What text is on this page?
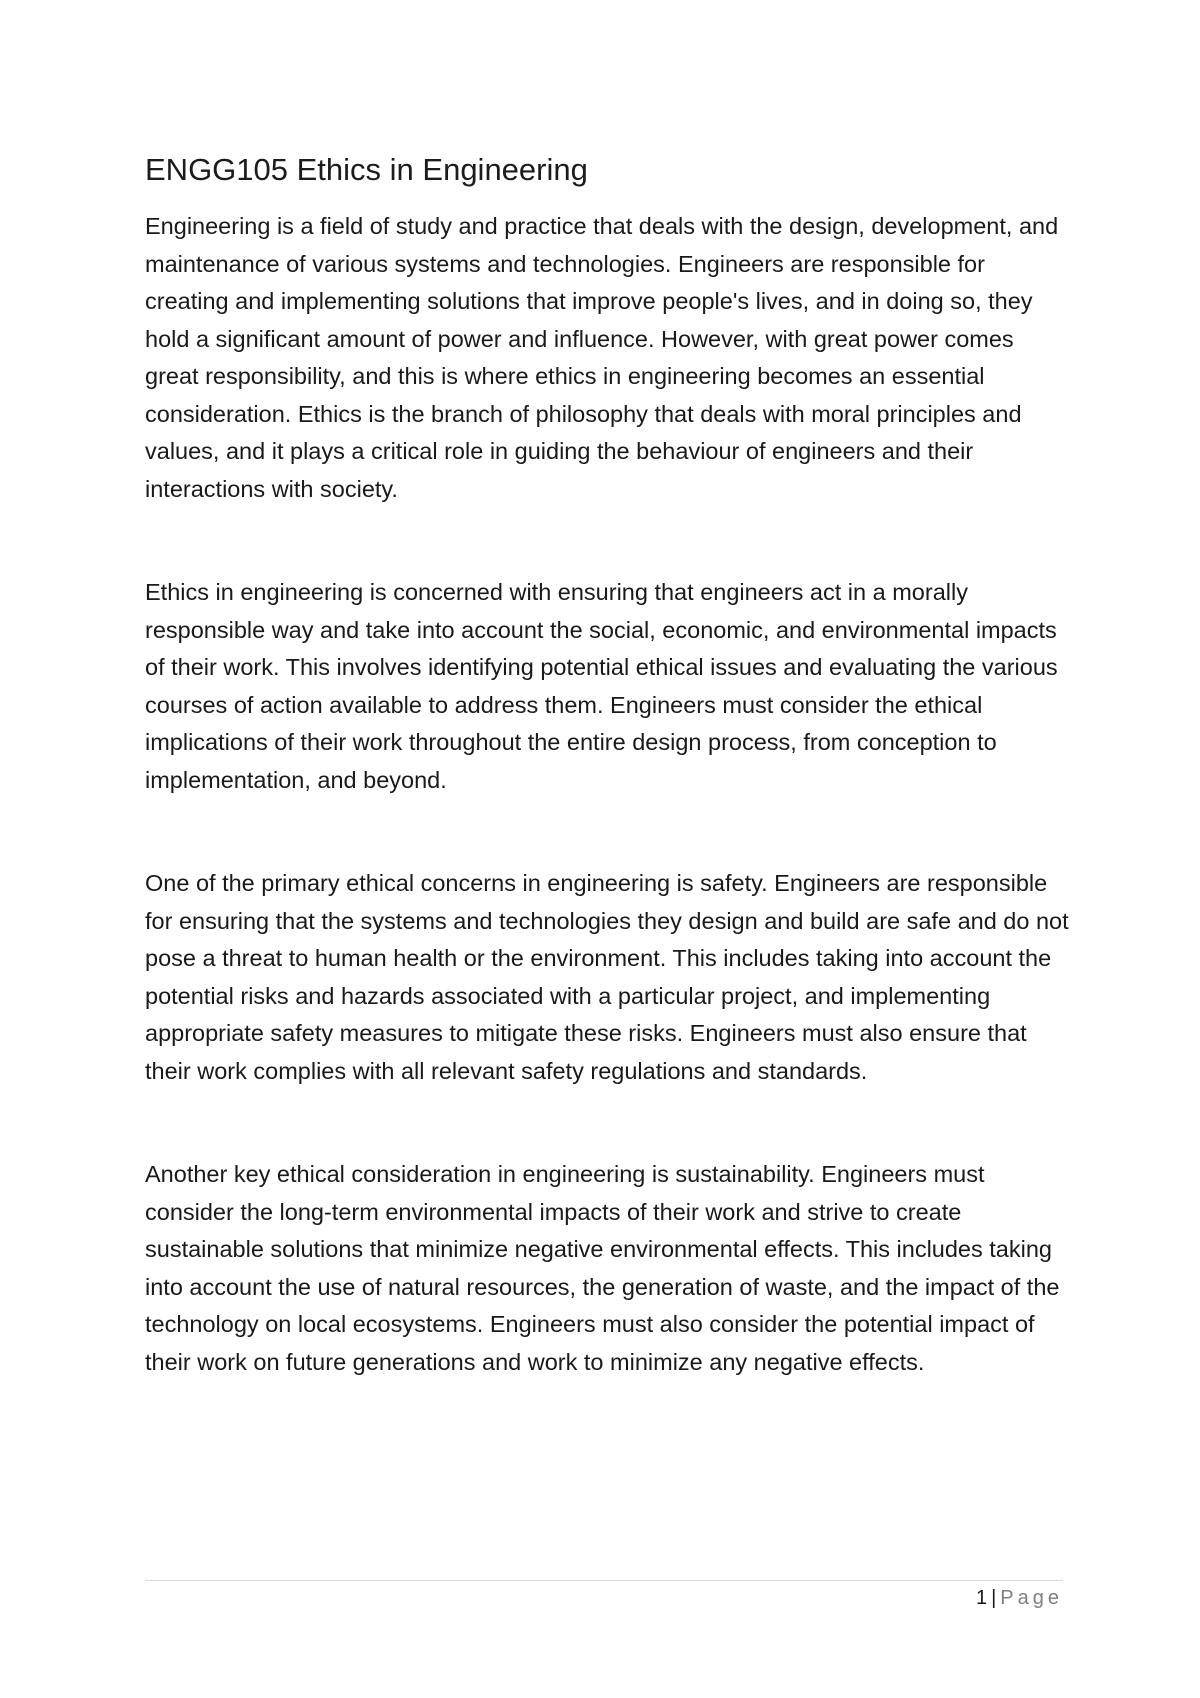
ENGG105 Ethics in Engineering

Engineering is a field of study and practice that deals with the design, development, and maintenance of various systems and technologies. Engineers are responsible for creating and implementing solutions that improve people's lives, and in doing so, they hold a significant amount of power and influence. However, with great power comes great responsibility, and this is where ethics in engineering becomes an essential consideration. Ethics is the branch of philosophy that deals with moral principles and values, and it plays a critical role in guiding the behaviour of engineers and their interactions with society.

Ethics in engineering is concerned with ensuring that engineers act in a morally responsible way and take into account the social, economic, and environmental impacts of their work. This involves identifying potential ethical issues and evaluating the various courses of action available to address them. Engineers must consider the ethical implications of their work throughout the entire design process, from conception to implementation, and beyond.

One of the primary ethical concerns in engineering is safety. Engineers are responsible for ensuring that the systems and technologies they design and build are safe and do not pose a threat to human health or the environment. This includes taking into account the potential risks and hazards associated with a particular project, and implementing appropriate safety measures to mitigate these risks. Engineers must also ensure that their work complies with all relevant safety regulations and standards.

Another key ethical consideration in engineering is sustainability. Engineers must consider the long-term environmental impacts of their work and strive to create sustainable solutions that minimize negative environmental effects. This includes taking into account the use of natural resources, the generation of waste, and the impact of the technology on local ecosystems. Engineers must also consider the potential impact of their work on future generations and work to minimize any negative effects.

1 | Page
